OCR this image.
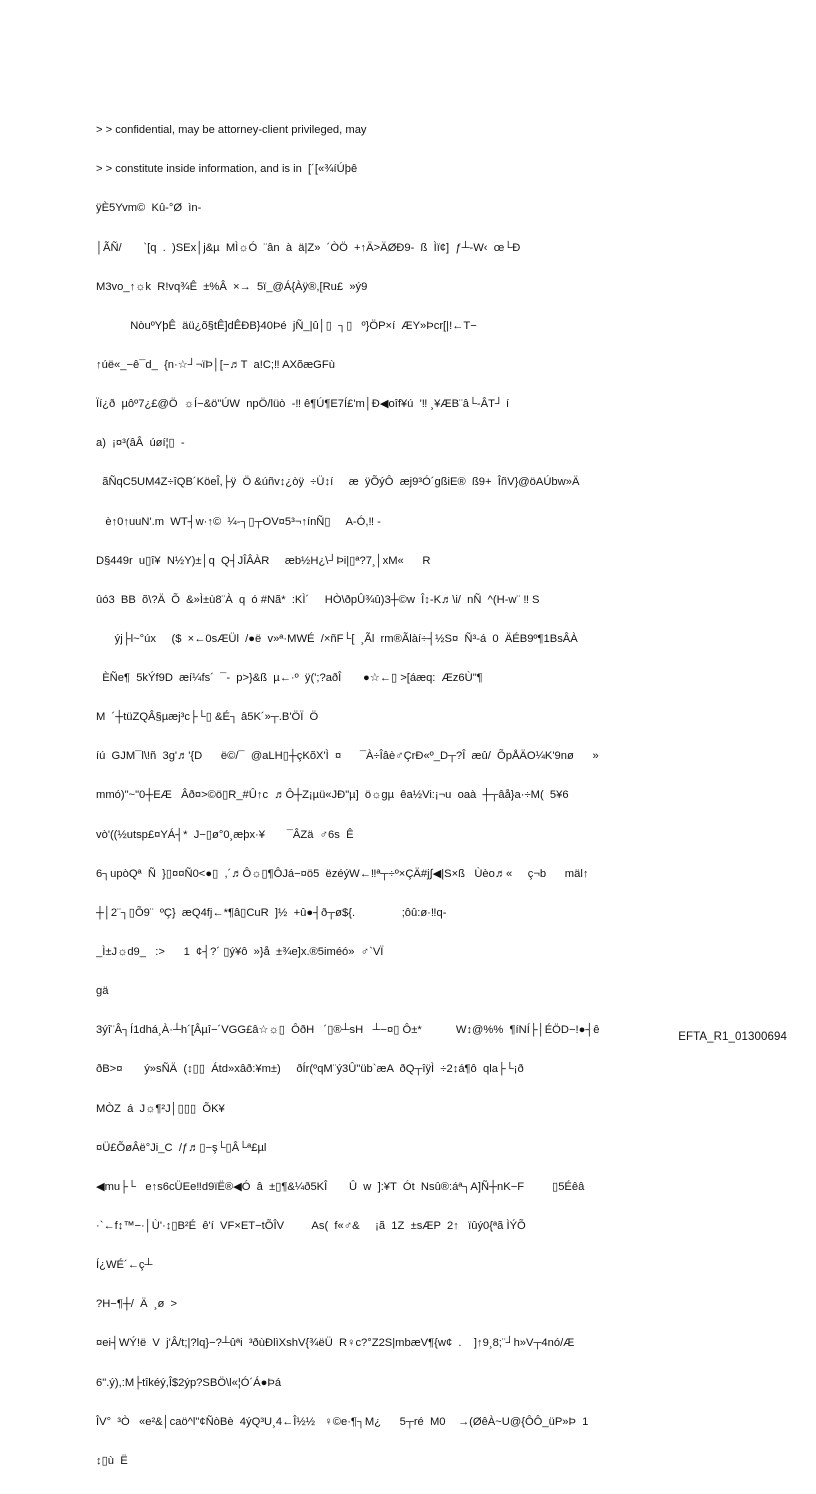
> > confidential, may be attorney-client privileged, may

> > constitute inside information, and is in  [´[«¾íÚþê

ÿÈ5Yvm©  Kû-°Ø  ìn-

│ÃÑ/       `[q  .  )SEx│j&µ  MÌ☼Ó  ¨ân  à  ä|Z»  ´ÒÖ  +↑Ä>ÄØÐ9-  ß  Ìï¢]  ƒ┴-W‹  œ└Ð

M3vo_↑☼k  R!vq¾Ê  ±%Â  ×→  5ï_@Á{Àÿ®,[Ru£  »ý9

NòuºYþÊ  äü¿õ§tÊ]dÊÐB}40Þé  jÑ_|û│▯  ┐▯   º}ÖP×í  ÆY»Þcr[|!←T−

↑úë«_−ê¯d_  {n·☆┘¬ïÞ│[−♬T  a!C;‼ AXõæGFù

Ïí¿ð  µôº7¿£@Ö  ☼Í−&ö"ÚW  npÖ/lüò  -‼ ê¶Ú¶E7Í£'m│Ð◀oîf¥ú  '‼ ¸¥ÆB¨â└-ÂT┘ í

a)  ¡¤³(âÂ  úøí¦▯  -

ãÑqC5UM4Z÷îQB´KöeÎ,├ÿ  Ö &úñv↕¿òÿ  ÷Ü↕í     æ  ÿÕýÔ  æj9³Ó´gßiE®  ß9+  ÎñV}@öAÚbw»Ä

è↑0↑uuN'.m  WT┤w·↑©  ¼-┐▯┬OV¤5³¬↑ínÑ▯     A-Ó,‼ -

D§449r  u▯î¥  N½Y)±│q  Q┤JÎÂÀR     æb½H¿\┘Þi|▯ª?7¸│xM«      R

ûó3  BB  õ\?Ä  Õ  &»Ì±ù8¨À  q  ó #Nã*  :KÌ´     HÒ\ðpÛ¾û)3┼©w  Î↕-K♬\i/  nÑ  ^(H-w¨ ‼ S

ýj├l~°úx     ($  ×←0sÆÜl  /●ë  v»ª·MWÉ  /×ñF└[  ¸Ãl  rm®Ãlàí÷┤½S¤  Ñ³-á  0  ÄÉB9º¶1BsÂÀ

ÈÑe¶  5kÝf9D  æí¼fs´  ¯-  p>}&ß  µ←·º  ÿ(';?aðÎ       ●☆←▯ >[áæq:  Æz6Ù"¶

M  ´┼tüZQÂ§µæj³c├└▯ &É┐ â5K´»┬.B'ÖÏ  Ö

íú  GJM¯l\!ñ  3g'♬'{D      ë©/¯  @aLH▯┼çKõX'Ì  ¤      ¯À÷Îâè♂ÇrÐ«º_D┬?Î  æû/  ÕpÅÄO¼K'9nø      »

mmó)"~"0┼EÆ   Âð¤>©ö▯R_#Û↑c  ♬Ô┼Z¡µü«JÐ"µ]  ö☼gµ  êa½Vi:¡¬u  oaà  ┼┬âå}a·÷M(  5¥6

vò'((½utsp£¤YÁ┤*  J−▯ø°0¸æþx·¥       ¯ÂZä  ♂6s  Ê

6┐upòQª  Ñ  }▯¤¤Ñ0<●▯  ,´♬Ô☼▯¶ÔJá−¤ö5  ëzéýW←‼ª┬÷º×ÇÄ#j∫◀|S×ß   Ùèo♬«     ç¬b      mäl↑

┼│2¨┐▯Õ9¨  ºÇ}  æQ4fj←*¶â▯CuR  ]½  +û●┤ð┬ø${.               ;ôû:ø·‼q-

_Ì±J☼d9_   :>      1  ¢┤?´ ▯ý¥ô  »}å  ±¾e]x.®5iméó»  ♂`VÏ

gä

3ýî¨Â┐Í1dhá¸À·┴h´[Âµî−´VGG£â☆☼▯  ÔðH   ´▯®┴sH   ┴−¤▯ Ô±*           W↕@%%  ¶íNÍ├│ÉÖD−!●┤ê

ðB>¤       ý»sÑÄ  (↕▯▯  Átd»xâð:¥m±)     ðÍr(ºqM¨ý3Û"üb`æA  ðQ┬îÿÌ  ÷2↕á¶ô  qla├└¡ð

MÒZ  á  J☼¶²J│▯▯▯  ÕK¥

¤Ü£ÕøÂë°Ji_C  /ƒ♬▯−ş└▯Â└ª£µl

◀mu├└   e↑s6cÜEe‼d9ïË®◀Ó  â  ±▯¶&¼ð5KÎ       Û  w  ]:¥T  Ót  Nsû®:áª┐A]Ñ┼nK−F         ▯5Éêâ

·`←f↕™−·│Ù'·↕▯B²É  ê'í  VF×ET−tÕÎV         As(  f«♂&     ¡ã  1Z  ±sÆP  2↑   ïûý0{ªã ÌÝÕ

Í¿WÉ´←ç┴

?H−¶┼/  Ä  ¸ø  >

¤ei┤WÝ!ë  V  j'Â/t;|?lq}−?┴ûªi  ³ðùÐlìXshV{¾ëÜ  R♀c?°Z2S|mbæV¶{w¢  .    ]↑9¸8;¨┘h»V┬4nó/Æ

6".ý),:M├tîkéý,Î$2ýp?SBÖ\l«¦Ó´Á●Þá

ÎV°  ³Ò   «e²&│caö^l"¢ÑòBè  4ýQ³U¸4←Î½½   ♀©e·¶┐M¿      5┬ré  M0    →(ØêÀ~U@{ÔÔ_üP»Þ  1

↕▯ù  Ë

EFTA_R1_01300694
